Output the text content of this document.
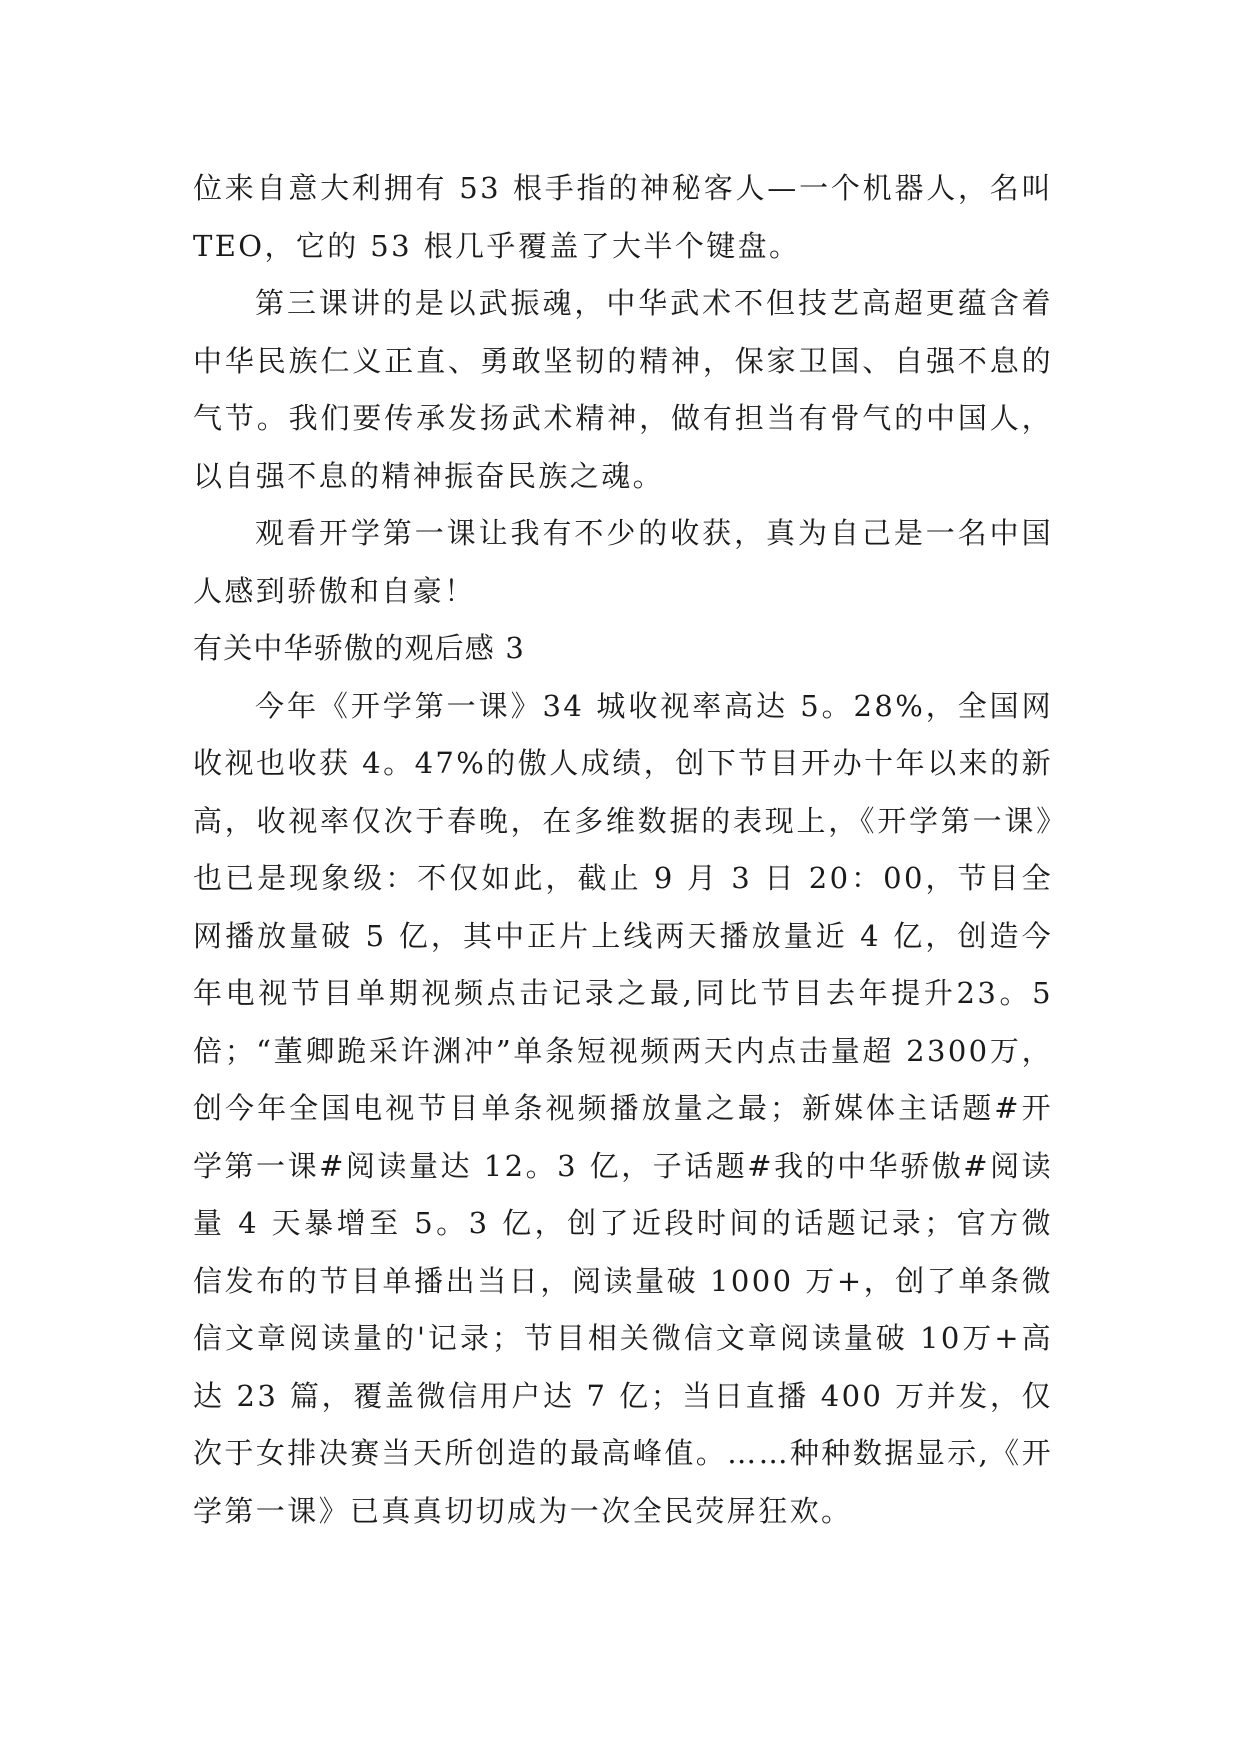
位来自意大利拥有 53 根手指的神秘客人—一个机器人，名叫 TEO，它的 53 根几乎覆盖了大半个键盘。

第三课讲的是以武振魂，中华武术不但技艺高超更蕴含着中华民族仁义正直、勇敢坚韧的精神，保家卫国、自强不息的气节。我们要传承发扬武术精神，做有担当有骨气的中国人，以自强不息的精神振奋民族之魂。

观看开学第一课让我有不少的收获，真为自己是一名中国人感到骄傲和自豪！

有关中华骄傲的观后感 3

今年《开学第一课》34 城收视率高达 5。28%，全国网收视也收获 4。47%的傲人成绩，创下节目开办十年以来的新高，收视率仅次于春晚，在多维数据的表现上，《开学第一课》也已是现象级：不仅如此，截止 9 月 3 日 20：00，节目全网播放量破 5 亿，其中正片上线两天播放量近 4 亿，创造今年电视节目单期视频点击记录之最,同比节目去年提升23。5 倍；“董卿跪采许渊冲”单条短视频两天内点击量超 2300万，创今年全国电视节目单条视频播放量之最；新媒体主话题#开学第一课#阅读量达 12。3 亿，子话题#我的中华骄傲#阅读量 4 天暴增至 5。3 亿，创了近段时间的话题记录；官方微信发布的节目单播出当日，阅读量破 1000 万+，创了单条微信文章阅读量的'记录；节目相关微信文章阅读量破 10万+高达 23 篇，覆盖微信用户达 7 亿；当日直播 400 万并发，仅次于女排决赛当天所创造的最高峰值。……种种数据显示,《开学第一课》已真真切切成为一次全民荧屏狂欢。
